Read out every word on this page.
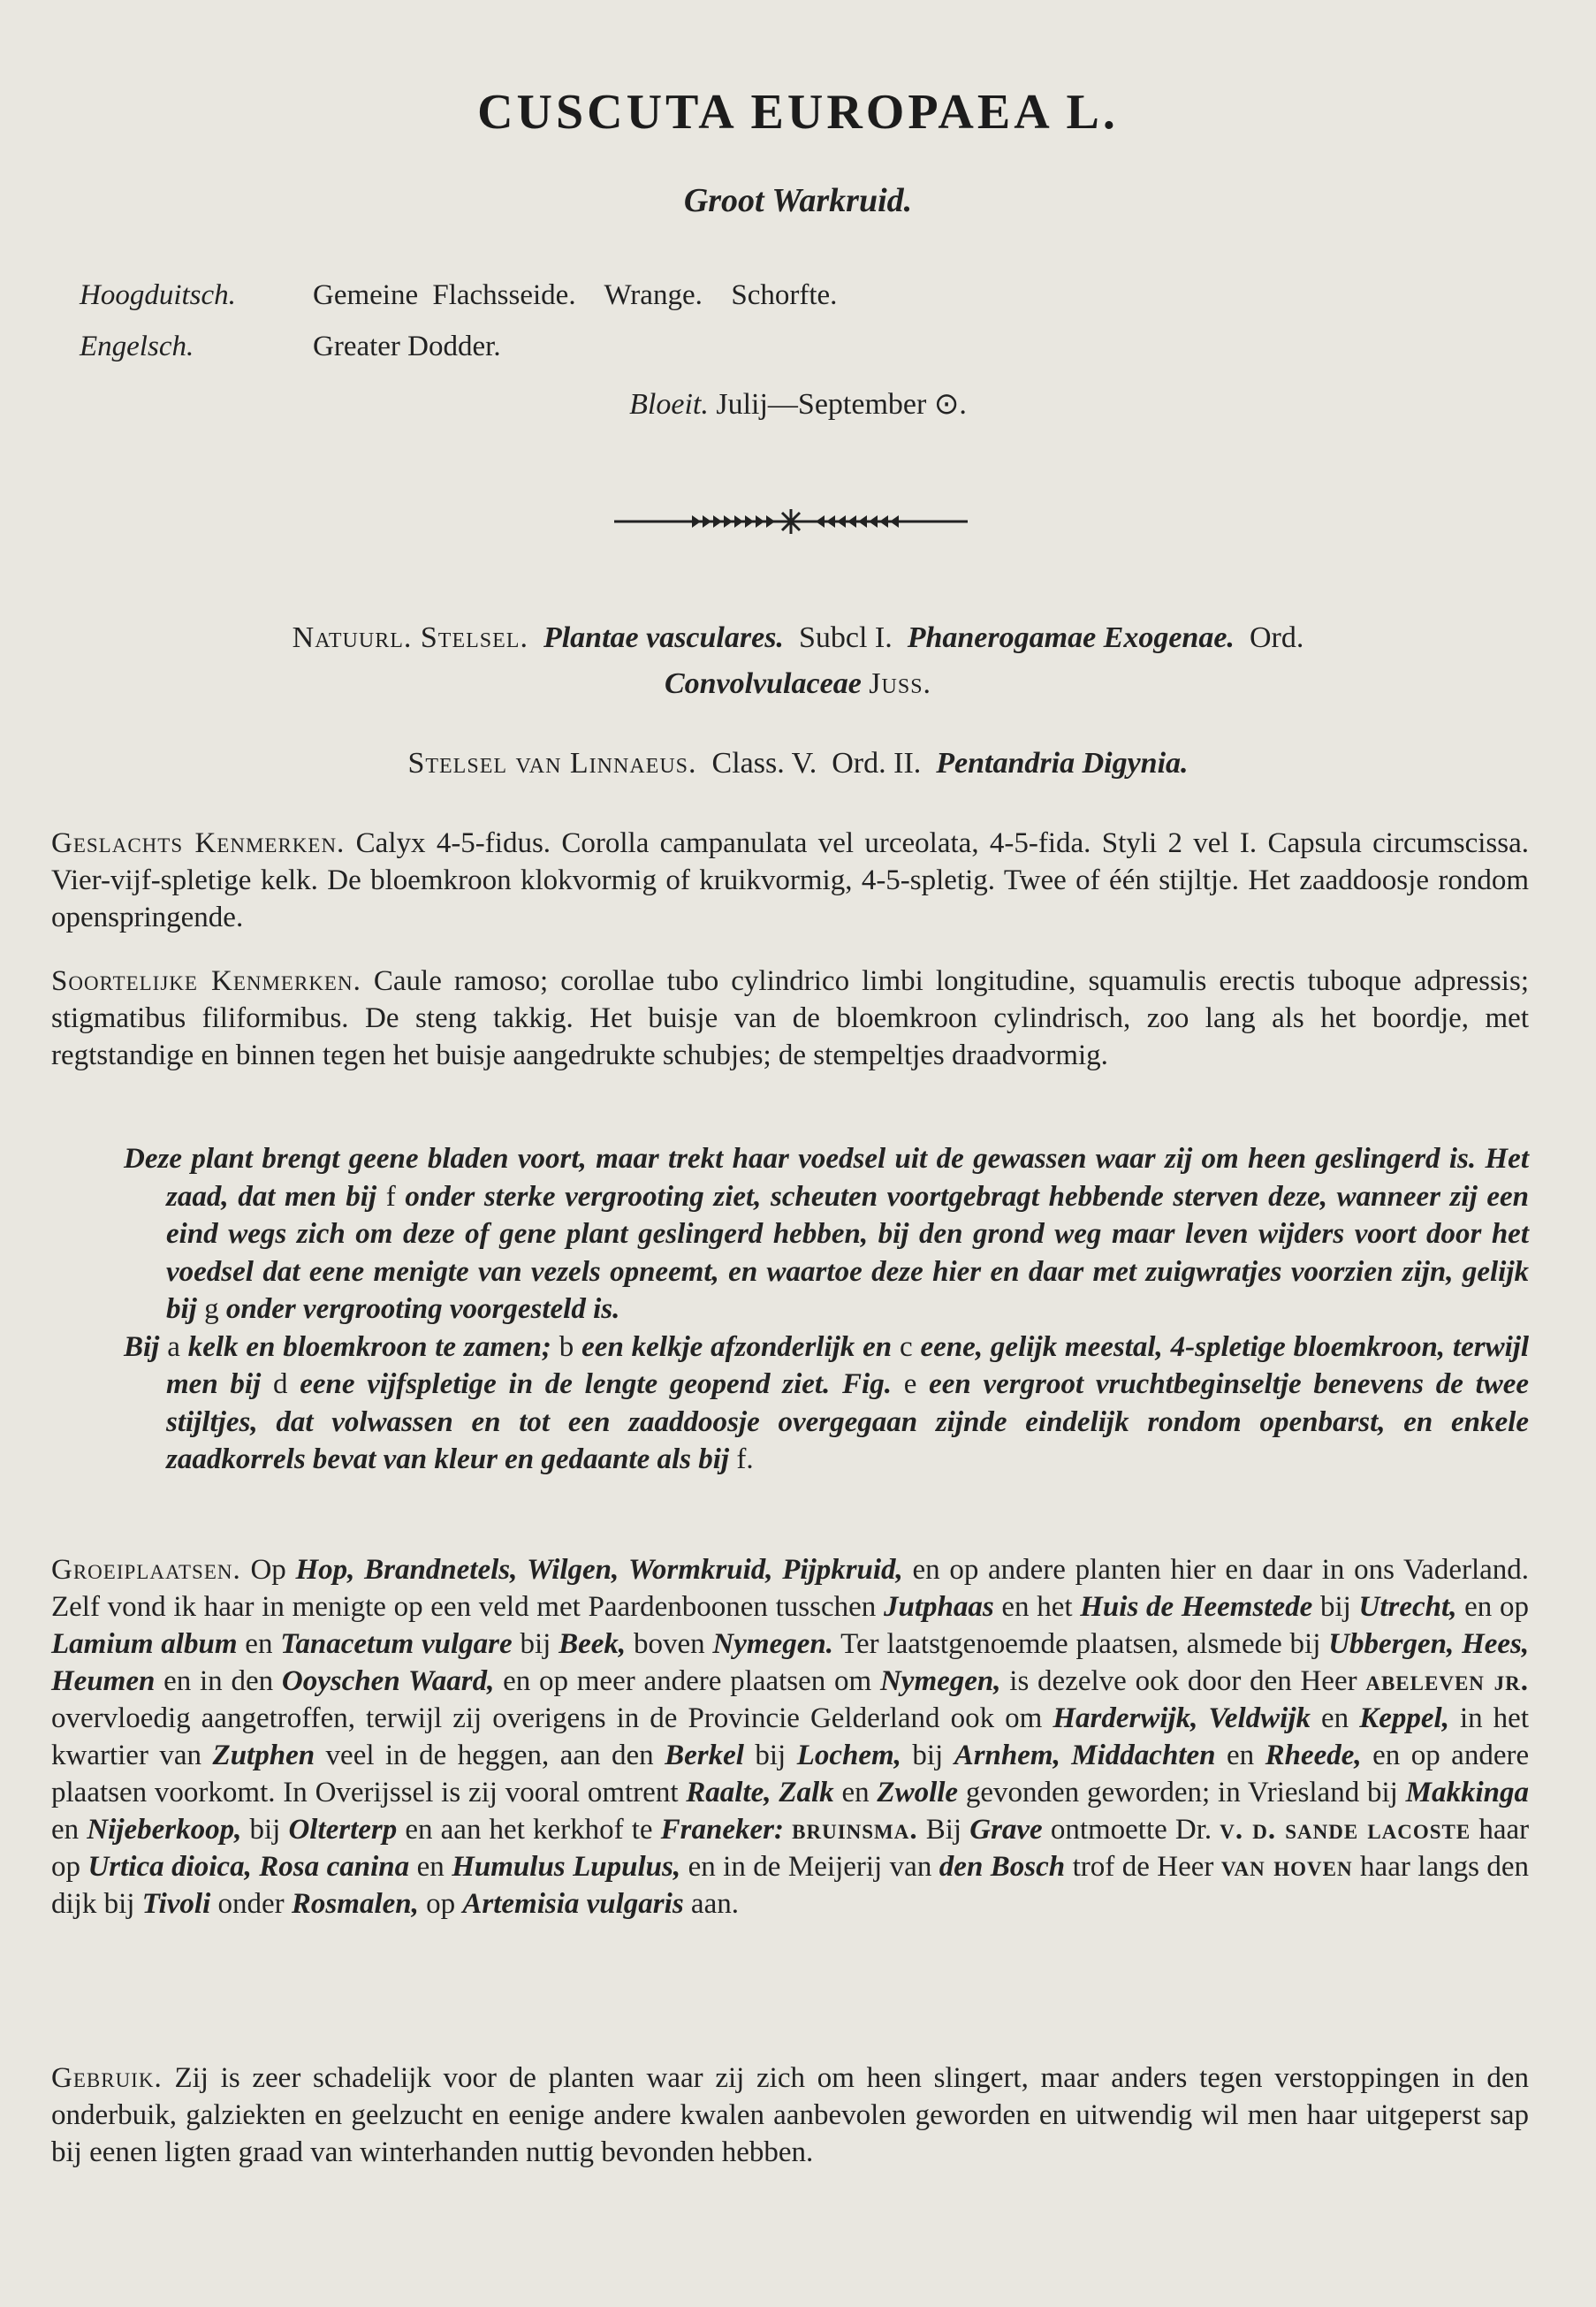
CUSCUTA EUROPAEA L.
Groot Warkruid.
Hoogduitsch.	Gemeine Flachsseide.  Wrange.  Schorfte.
Engelsch.	Greater Dodder.
Bloeit. Julij—September ⊙.
Natuurl. Stelsel. Plantae vasculares. Subcl I. Phanerogamae Exogenae. Ord.
Convolvulaceae Juss.
Stelsel van Linnaeus. Class. V. Ord. II. Pentandria Digynia.
Geslachts Kenmerken. Calyx 4-5-fidus. Corolla campanulata vel urceolata, 4-5-fida. Styli 2 vel I. Capsula circumscissa. Vier-vijf-spletige kelk. De bloemkroon klokvormig of kruikvormig, 4-5-spletig. Twee of één stijltje. Het zaaddoosje rondom openspringende.
Soortelijke Kenmerken. Caule ramoso; corollae tubo cylindrico limbi longitudine, squamulis erectis tuboque adpressis; stigmatibus filiformibus. De steng takkig. Het buisje van de bloemkroon cylindrisch, zoo lang als het boordje, met regtstandige en binnen tegen het buisje aangedrukte schubjes; de stempeltjes draadvormig.

Deze plant brengt geene bladen voort, maar trekt haar voedsel uit de gewassen waar zij om heen geslingerd is. Het zaad, dat men bij f onder sterke vergrooting ziet, scheuten voortgebragt hebbende sterven deze, wanneer zij een eind wegs zich om deze of gene plant geslingerd hebben, bij den grond weg maar leven wijders voort door het voedsel dat eene menigte van vezels opneemt, en waartoe deze hier en daar met zuigwratjes voorzien zijn, gelijk bij g onder vergrooting voorgesteld is.

Bij a kelk en bloemkroon te zamen; b een kelkje afzonderlijk en c eene, gelijk meestal, 4-spletige bloemkroon, terwijl men bij d eene vijfspletige in de lengte geopend ziet. Fig. e een vergroot vruchtbeginseltje benevens de twee stijltjes, dat volwassen en tot een zaaddoosje overgegaan zijnde eindelijk rondom openbarst, en enkele zaadkorrels bevat van kleur en gedaante als bij f.

Groeiplaatsen. Op Hop, Brandnetels, Wilgen, Wormkruid, Pijpkruid, en op andere planten hier en daar in ons Vaderland. Zelf vond ik haar in menigte op een veld met Paardenboonen tusschen Jutphaas en het Huis de Heemstede bij Utrecht, en op Lamium album en Tanacetum vulgare bij Beek, boven Nymegen. Ter laatstgenoemde plaatsen, alsmede bij Ubbergen, Hees, Heumen en in den Ooyschen Waard, en op meer andere plaatsen om Nymegen, is dezelve ook door den Heer abeleven jr. overvloedig aangetroffen, terwijl zij overigens in de Provincie Gelderland ook om Harderwijk, Veldwijk en Keppel, in het kwartier van Zutphen veel in de heggen, aan den Berkel bij Lochem, bij Arnhem, Middachten en Rheede, en op andere plaatsen voorkomt. In Overijssel is zij vooral omtrent Raalte, Zalk en Zwolle gevonden geworden; in Vriesland bij Makkinga en Nijeberkoop, bij Olterterp en aan het kerkhof te Franeker: bruinsma. Bij Grave ontmoette Dr. v. d. sande lacoste haar op Urtica dioica, Rosa canina en Humulus Lupulus, en in de Meijerij van den Bosch trof de Heer van hoven haar langs den dijk bij Tivoli onder Rosmalen, op Artemisia vulgaris aan.
Gebruik. Zij is zeer schadelijk voor de planten waar zij zich om heen slingert, maar anders tegen verstoppingen in den onderbuik, galziekten en geelzucht en eenige andere kwalen aanbevolen geworden en uitwendig wil men haar uitgeperst sap bij eenen ligten graad van winterhanden nuttig bevonden hebben.
